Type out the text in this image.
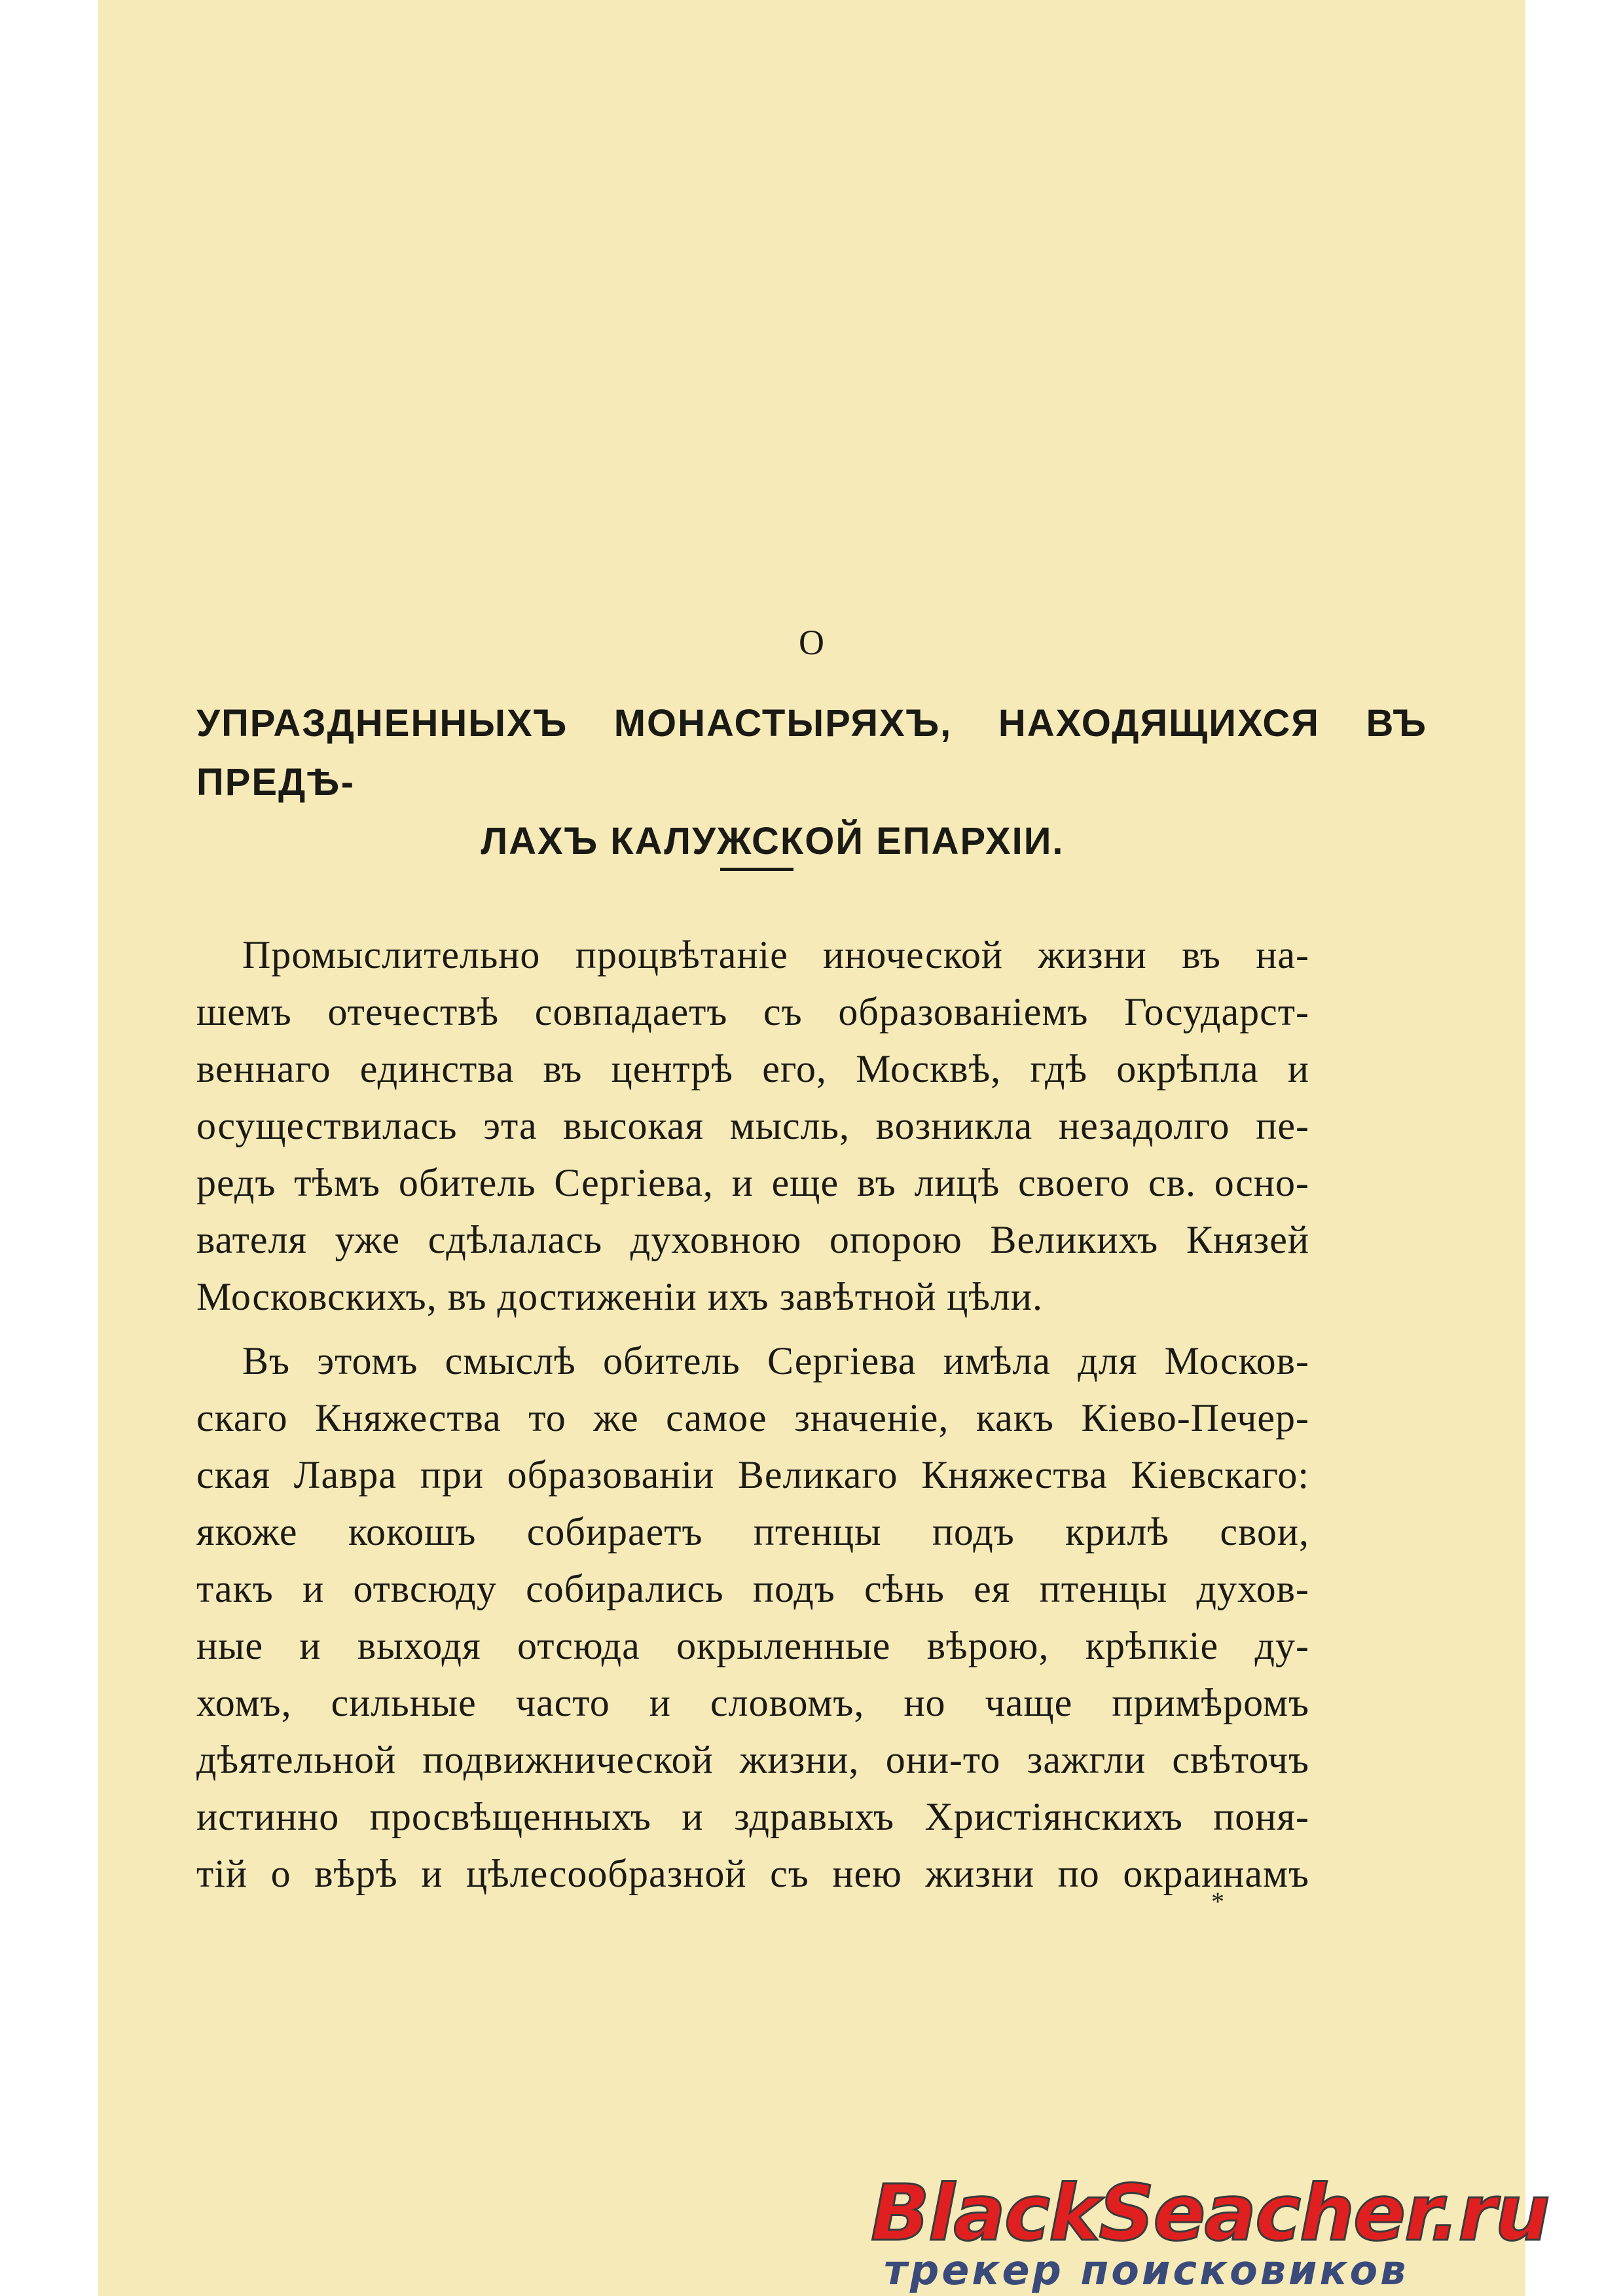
О
УПРАЗДНЕННЫХЪ МОНАСТЫРЯХЪ, НАХОДЯЩИХСЯ ВЪ ПРЕДѢ-
ЛАХЪ КАЛУЖСКОЙ ЕПАРХІИ.
Промыслительно процвѣтаніе иноческой жизни въ на-
шемъ отечествѣ совпадаетъ съ образованіемъ Государст-
веннаго единства въ центрѣ его, Москвѣ, гдѣ окрѣпла и
осуществилась эта высокая мысль, возникла незадолго пе-
редъ тѣмъ обитель Сергіева, и еще въ лицѣ своего св. осно-
вателя уже сдѣлалась духовною опорою Великихъ Князей
Московскихъ, въ достиженіи ихъ завѣтной цѣли.
Въ этомъ смыслѣ обитель Сергіева имѣла для Москов-
скаго Княжества то же самое значеніе, какъ Кіево-Печер-
ская Лавра при образованіи Великаго Княжества Кіевскаго:
якоже кокошъ собираетъ птенцы подъ крилѣ свои,
такъ и отвсюду собирались подъ сѣнь ея птенцы духов-
ные и выходя отсюда окрыленные вѣрою, крѣпкіе ду-
хомъ, сильные часто и словомъ, но чаще примѣромъ
дѣятельной подвижнической жизни, они-то зажгли свѣточъ
истинно просвѣщенныхъ и здравыхъ Христіянскихъ поня-
тій о вѣрѣ и цѣлесообразной съ нею жизни по окраинамъ
*
BlackSeacher.ru
трекер поисковиков
